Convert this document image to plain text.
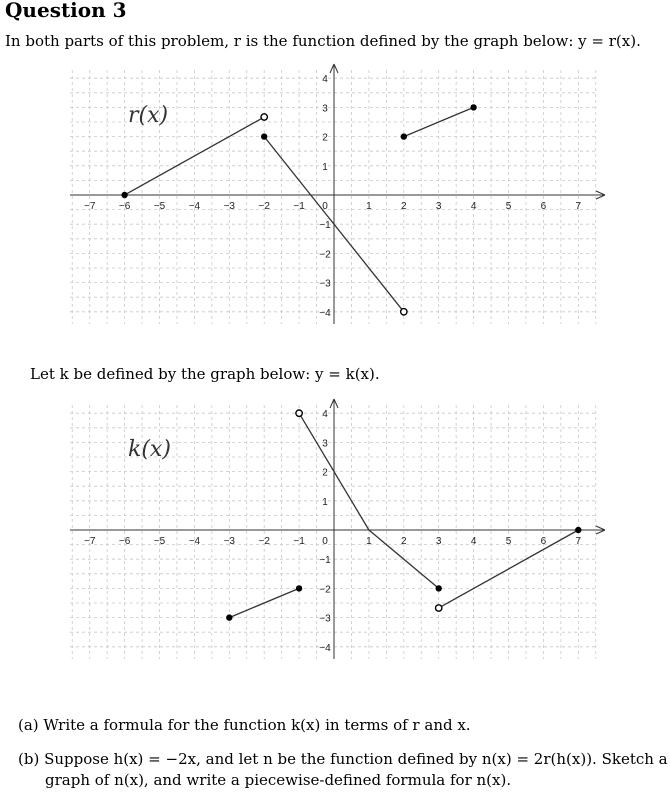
Question 3
In both parts of this problem, r is the function defined by the graph below: y = r(x).
−7 −6 −5 −4 −3 −2 −1 0	1	2	3	4	5	6	7
−4
−3
−2
−1
1
2
3
4
r(x)
Let k be defined by the graph below: y = k(x).
−7 −6 −5 −4 −3 −2 −1 0	1	2	3	4	5	6	7
−4
−3
−2
−1
1
2
3
4
k(x)
(a) Write a formula for the function k(x) in terms of r and x.
(b) Suppose h(x) = −2x, and let n be the function defined by n(x) = 2r(h(x)). Sketch a
graph of n(x), and write a piecewise-defined formula for n(x).
